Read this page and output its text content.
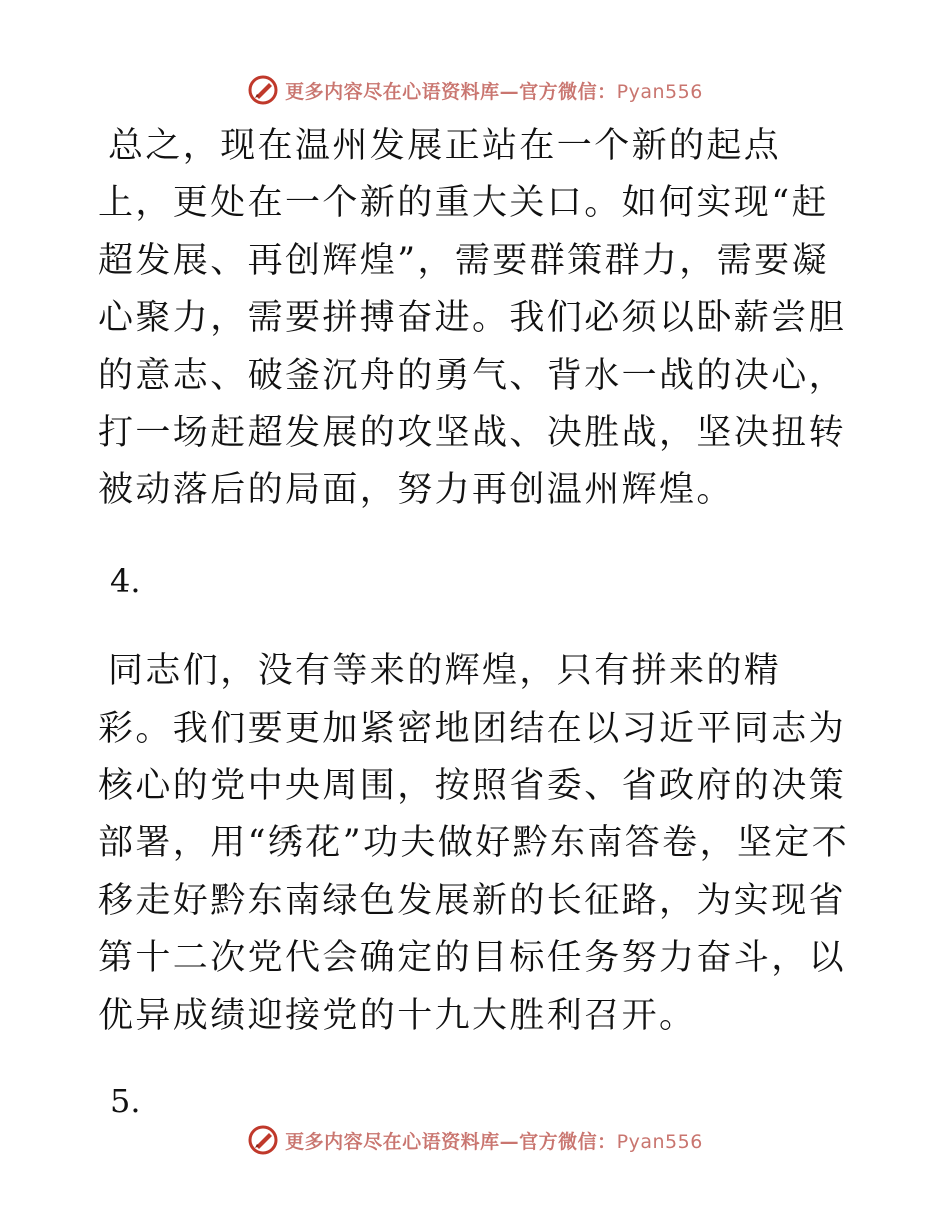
更多内容尽在心语资料库—官方微信：Pyan556

总之，现在温州发展正站在一个新的起点上，更处在一个新的重大关口。如何实现“赶超发展、再创辉煌”，需要群策群力，需要凝心聚力，需要拼搏奋进。我们必须以卧薪尝胆的意志、破釜沉舟的勇气、背水一战的决心，打一场赶超发展的攻坚战、决胜战，坚决扭转被动落后的局面，努力再创温州辉煌。

4.

同志们，没有等来的辉煌，只有拼来的精彩。我们要更加紧密地团结在以习近平同志为核心的党中央周围，按照省委、省政府的决策部署，用“绣花”功夫做好黔东南答卷，坚定不移走好黔东南绿色发展新的长征路，为实现省第十二次党代会确定的目标任务努力奋斗，以优异成绩迎接党的十九大胜利召开。

5.

更多内容尽在心语资料库—官方微信：Pyan556
